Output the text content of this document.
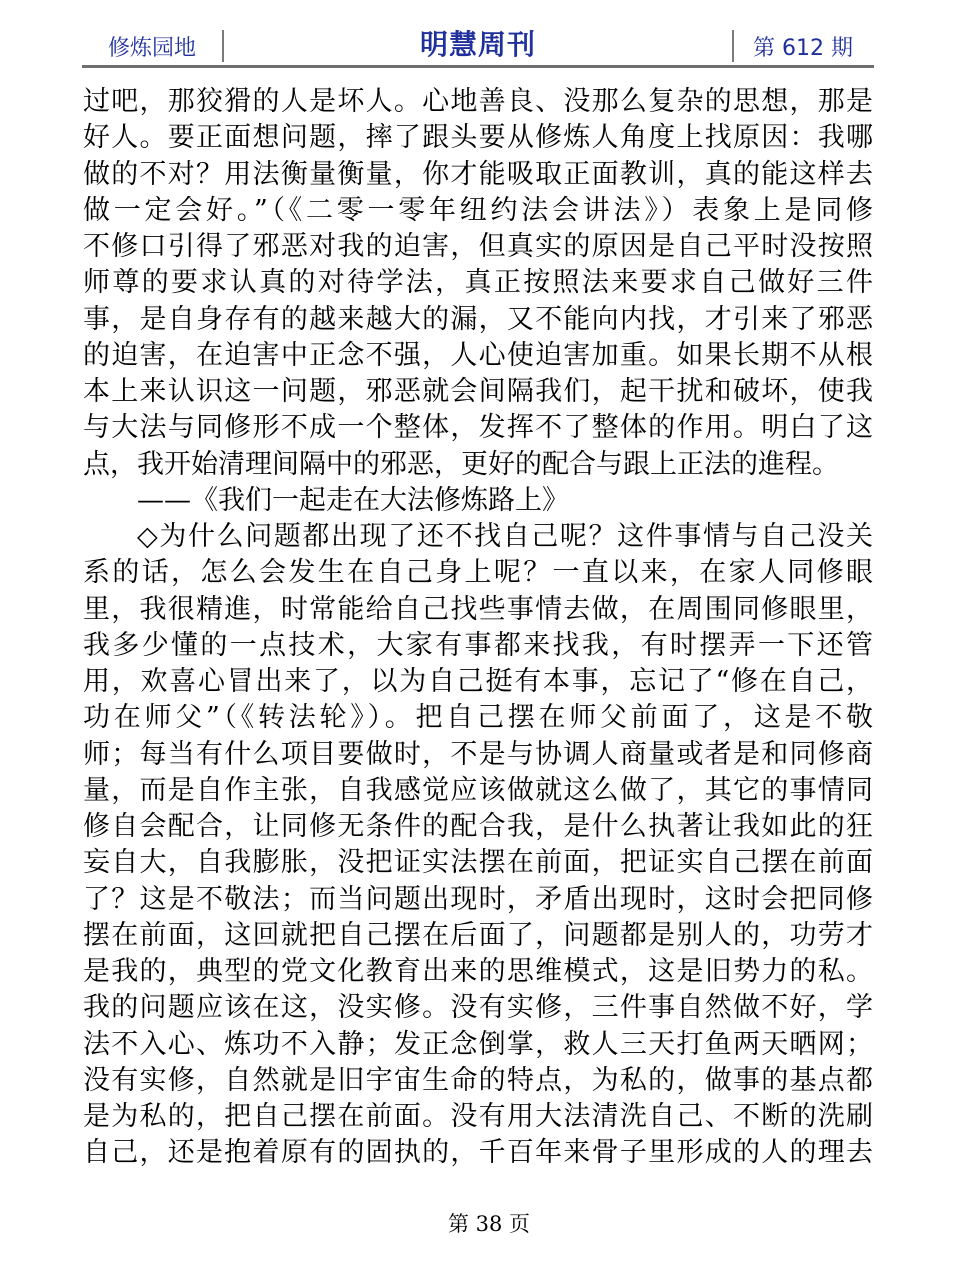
修炼园地	明慧周刊	第 612 期
过吧，那狡猾的人是坏人。心地善良、没那么复杂的思想，那是
好人。要正面想问题，摔了跟头要从修炼人角度上找原因：我哪
做的不对？用法衡量衡量，你才能吸取正面教训，真的能这样去
做一定会好。”（《二零一零年纽约法会讲法》）表象上是同修
不修口引得了邪恶对我的迫害，但真实的原因是自己平时没按照
师尊的要求认真的对待学法，真正按照法来要求自己做好三件
事，是自身存有的越来越大的漏，又不能向内找，才引来了邪恶
的迫害，在迫害中正念不强，人心使迫害加重。如果长期不从根
本上来认识这一问题，邪恶就会间隔我们，起干扰和破坏，使我
与大法与同修形不成一个整体，发挥不了整体的作用。明白了这
点，我开始清理间隔中的邪恶，更好的配合与跟上正法的進程。
——《我们一起走在大法修炼路上》
◇为什么问题都出现了还不找自己呢？这件事情与自己没关
系的话，怎么会发生在自己身上呢？一直以来，在家人同修眼
里，我很精進，时常能给自己找些事情去做，在周围同修眼里，
我多少懂的一点技术，大家有事都来找我，有时摆弄一下还管
用，欢喜心冒出来了，以为自己挺有本事，忘记了“修在自己，
功在师父”（《转法轮》）。把自己摆在师父前面了，这是不敬
师；每当有什么项目要做时，不是与协调人商量或者是和同修商
量，而是自作主张，自我感觉应该做就这么做了，其它的事情同
修自会配合，让同修无条件的配合我，是什么执著让我如此的狂
妄自大，自我膨胀，没把证实法摆在前面，把证实自己摆在前面
了？这是不敬法；而当问题出现时，矛盾出现时，这时会把同修
摆在前面，这回就把自己摆在后面了，问题都是别人的，功劳才
是我的，典型的党文化教育出来的思维模式，这是旧势力的私。
我的问题应该在这，没实修。没有实修，三件事自然做不好，学
法不入心、炼功不入静；发正念倒掌，救人三天打鱼两天晒网；
没有实修，自然就是旧宇宙生命的特点，为私的，做事的基点都
是为私的，把自己摆在前面。没有用大法清洗自己、不断的洗刷
自己，还是抱着原有的固执的，千百年来骨子里形成的人的理去
第 38 页
